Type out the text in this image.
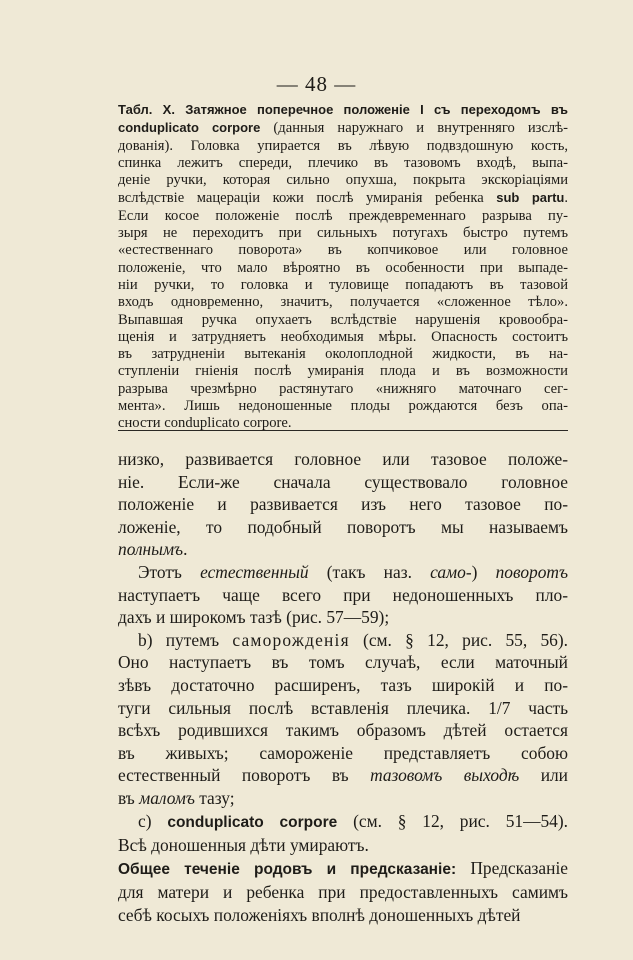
— 48 —
Табл. X. Затяжное поперечное положеніе I съ переходомъ въ
conduplicato corpore (данныя наружнаго и внутренняго изслѣ-
дованія). Головка упирается въ лѣвую подвздошную кость,
спинка лежитъ спереди, плечико въ тазовомъ входѣ, выпа-
деніе ручки, которая сильно опухша, покрыта экскоріаціями
вслѣдствіе мацераціи кожи послѣ умиранія ребенка sub partu.
Если косое положеніе послѣ преждевременнаго разрыва пу-
зыря не переходитъ при сильныхъ потугахъ быстро путемъ
«естественнаго поворота» въ копчиковое или головное
положеніе, что мало вѣроятно въ особенности при выпаде-
ніи ручки, то головка и туловище попадаютъ въ тазовой
входъ одновременно, значитъ, получается «сложенное тѣло».
Выпавшая ручка опухаетъ вслѣдствіе нарушенія кровообра-
щенія и затрудняетъ необходимыя мѣры. Опасность состоитъ
въ затрудненіи вытеканія околоплодной жидкости, въ на-
ступленіи гніенія послѣ умиранія плода и въ возможности
разрыва чрезмѣрно растянутаго «нижняго маточнаго сег-
мента». Лишь недоношенные плоды рождаются безъ опа-
сности conduplicato corpore.
низко, развивается головное или тазовое положе-
ніе. Если-же сначала существовало головное
положеніе и развивается изъ него тазовое по-
ложеніе, то подобный поворотъ мы называемъ
полнымъ.
Этотъ естественный (такъ наз. само-) поворотъ
наступаетъ чаще всего при недоношенныхъ пло-
дахъ и широкомъ тазѣ (рис. 57—59);
b) путемъ саморожденія (см. § 12, рис. 55, 56).
Оно наступаетъ въ томъ случаѣ, если маточный
зѣвъ достаточно расширенъ, тазъ широкій и по-
туги сильныя послѣ вставленія плечика. 1/7 часть
всѣхъ родившихся такимъ образомъ дѣтей остается
въ живыхъ; самороженіе представляетъ собою
естественный поворотъ въ тазовомъ выходѣ или
въ маломъ тазу;
c) conduplicato corpore (см. § 12, рис. 51—54).
Всѣ доношенныя дѣти умираютъ.
Общее теченіе родовъ и предсказаніе: Предсказаніе
для матери и ребенка при предоставленныхъ самимъ
себѣ косыхъ положеніяхъ вполнѣ доношенныхъ дѣтей
